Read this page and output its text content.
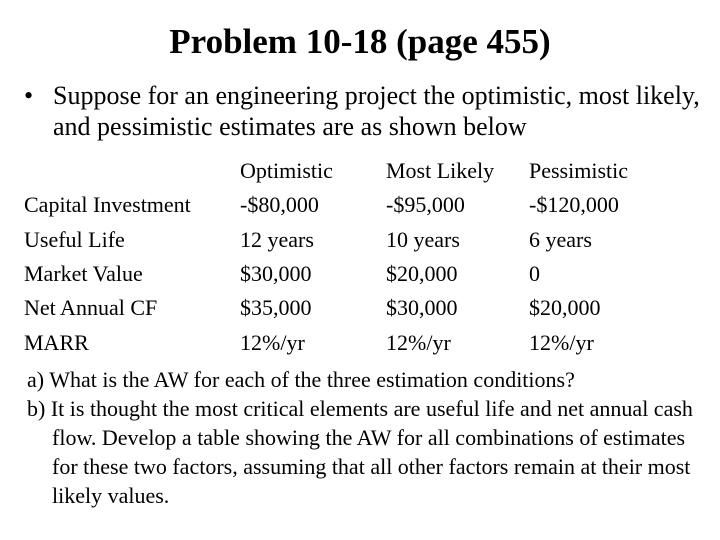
Problem 10-18 (page 455)
• Suppose for an engineering project the optimistic, most likely, and pessimistic estimates are as shown below
	Optimistic	Most Likely	Pessimistic
Capital Investment	-$80,000	-$95,000	-$120,000
Useful Life	12 years	10 years	6 years
Market Value	$30,000	$20,000	0
Net Annual CF	$35,000	$30,000	$20,000
MARR	12%/yr	12%/yr	12%/yr
a) What is the AW for each of the three estimation conditions?
b) It is thought the most critical elements are useful life and net annual cash flow. Develop a table showing the AW for all combinations of estimates for these two factors, assuming that all other factors remain at their most likely values.
